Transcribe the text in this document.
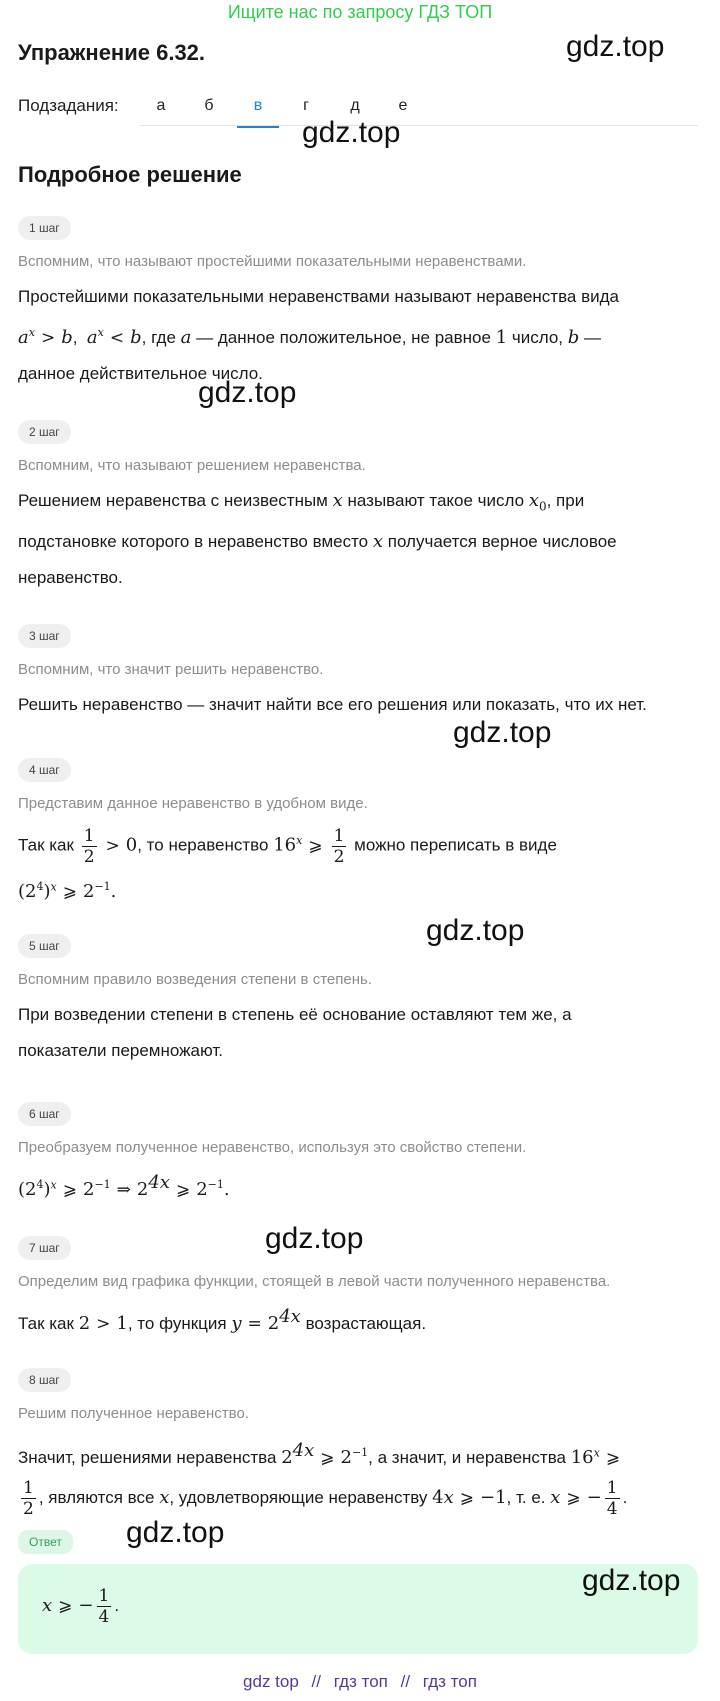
Ищите нас по запросу ГДЗ ТОП
Упражнение 6.32.	gdz.top
Подзадания:	а	б	в	г	д	е
gdz.top
Подробное решение
1 шаг
Вспомним, что называют простейшими показательными неравенствами.
Простейшими показательными неравенствами называют неравенства вида
$a^x > b$,  $a^x < b$, где a — данное положительное, не равное 1 число, b —
данное действительное число.
gdz.top
2 шаг
Вспомним, что называют решением неравенства.
Решением неравенства с неизвестным x называют такое число $x_0$, при
подстановке которого в неравенство вместо x получается верное числовое
неравенство.
3 шаг
Вспомним, что значит решить неравенство.
Решить неравенство — значит найти все его решения или показать, что их нет.
gdz.top
4 шаг
Представим данное неравенство в удобном виде.
Так как $\frac{1}{2} > 0$, то неравенство 16$^x$ ⩾ $\frac{1}{2}$ можно переписать в виде
$(2^4)^x$ ⩾ $2^{-1}$.
gdz.top
5 шаг
Вспомним правило возведения степени в степень.
При возведении степени в степень её основание оставляют тем же, а
показатели перемножают.
6 шаг
Преобразуем полученное неравенство, используя это свойство степени.
$(2^4)^x$ ⩾ $2^{-1}$ ⇒ $2^{4x}$ ⩾ $2^{-1}$.
gdz.top
7 шаг
Определим вид графика функции, стоящей в левой части полученного неравенства.
Так как 2 > 1, то функция $y = 2^{4x}$ возрастающая.
8 шаг
Решим полученное неравенство.
Значит, решениями неравенства $2^{4x}$ ⩾ $2^{-1}$, а значит, и неравенства 16$^x$ ⩾

$\frac{1}{2}$ , являются все x, удовлетворяющие неравенству 4x ⩾ −1, т. е. x ⩾ − $\frac{1}{4}$ .
Ответ	gdz.top
x ⩾ − $\frac{1}{4}$ .
gdz.top
gdz top // гдз топ // гдз топ
